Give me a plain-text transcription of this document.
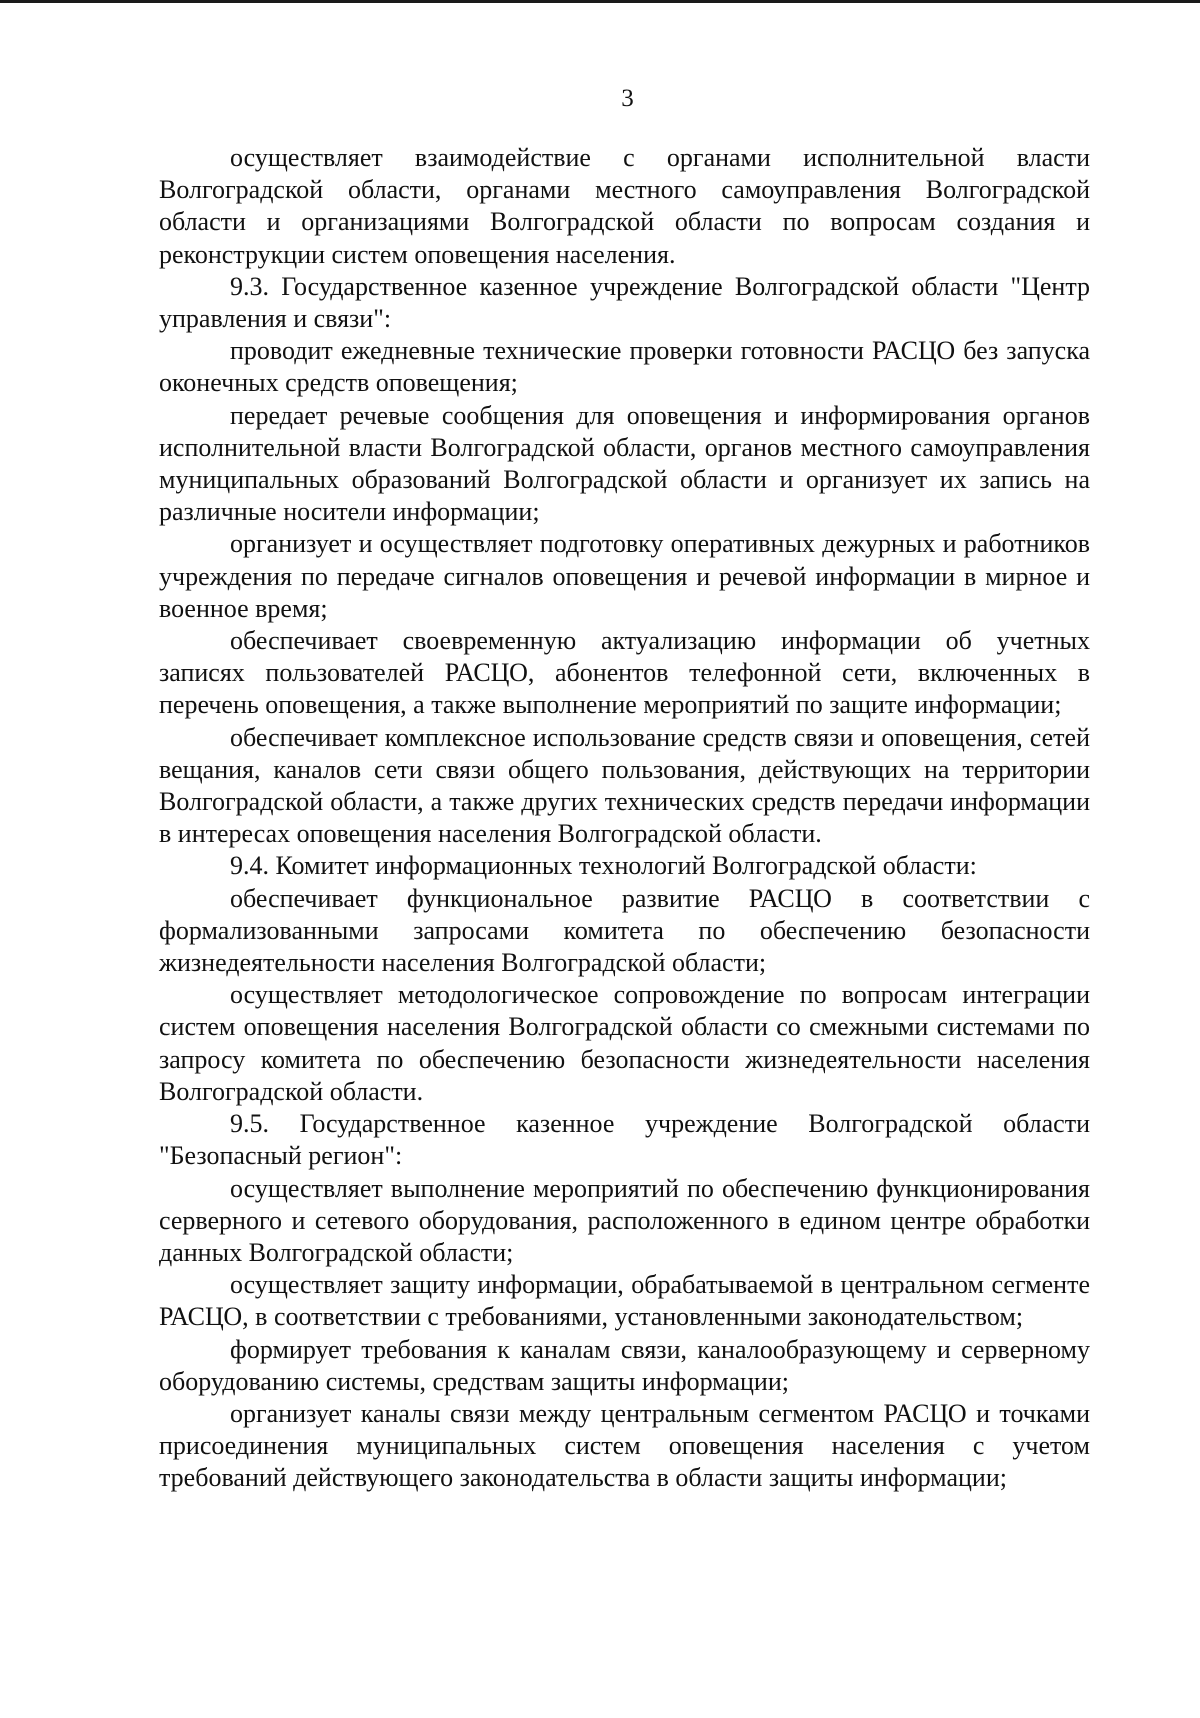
3

осуществляет взаимодействие с органами исполнительной власти Волгоградской области, органами местного самоуправления Волгоградской области и организациями Волгоградской области по вопросам создания и реконструкции систем оповещения населения.

9.3. Государственное казенное учреждение Волгоградской области "Центр управления и связи":

проводит ежедневные технические проверки готовности РАСЦО без запуска оконечных средств оповещения;

передает речевые сообщения для оповещения и информирования органов исполнительной власти Волгоградской области, органов местного самоуправления муниципальных образований Волгоградской области и организует их запись на различные носители информации;

организует и осуществляет подготовку оперативных дежурных и работников учреждения по передаче сигналов оповещения и речевой информации в мирное и военное время;

обеспечивает своевременную актуализацию информации об учетных записях пользователей РАСЦО, абонентов телефонной сети, включенных в перечень оповещения, а также выполнение мероприятий по защите информации;

обеспечивает комплексное использование средств связи и оповещения, сетей вещания, каналов сети связи общего пользования, действующих на территории Волгоградской области, а также других технических средств передачи информации в интересах оповещения населения Волгоградской области.

9.4. Комитет информационных технологий Волгоградской области:

обеспечивает функциональное развитие РАСЦО в соответствии с формализованными запросами комитета по обеспечению безопасности жизнедеятельности населения Волгоградской области;

осуществляет методологическое сопровождение по вопросам интеграции систем оповещения населения Волгоградской области со смежными системами по запросу комитета по обеспечению безопасности жизнедеятельности населения Волгоградской области.

9.5. Государственное казенное учреждение Волгоградской области "Безопасный регион":

осуществляет выполнение мероприятий по обеспечению функционирования серверного и сетевого оборудования, расположенного в едином центре обработки данных Волгоградской области;

осуществляет защиту информации, обрабатываемой в центральном сегменте РАСЦО, в соответствии с требованиями, установленными законодательством;

формирует требования к каналам связи, каналообразующему и серверному оборудованию системы, средствам защиты информации;

организует каналы связи между центральным сегментом РАСЦО и точками присоединения муниципальных систем оповещения населения с учетом требований действующего законодательства в области защиты информации;
